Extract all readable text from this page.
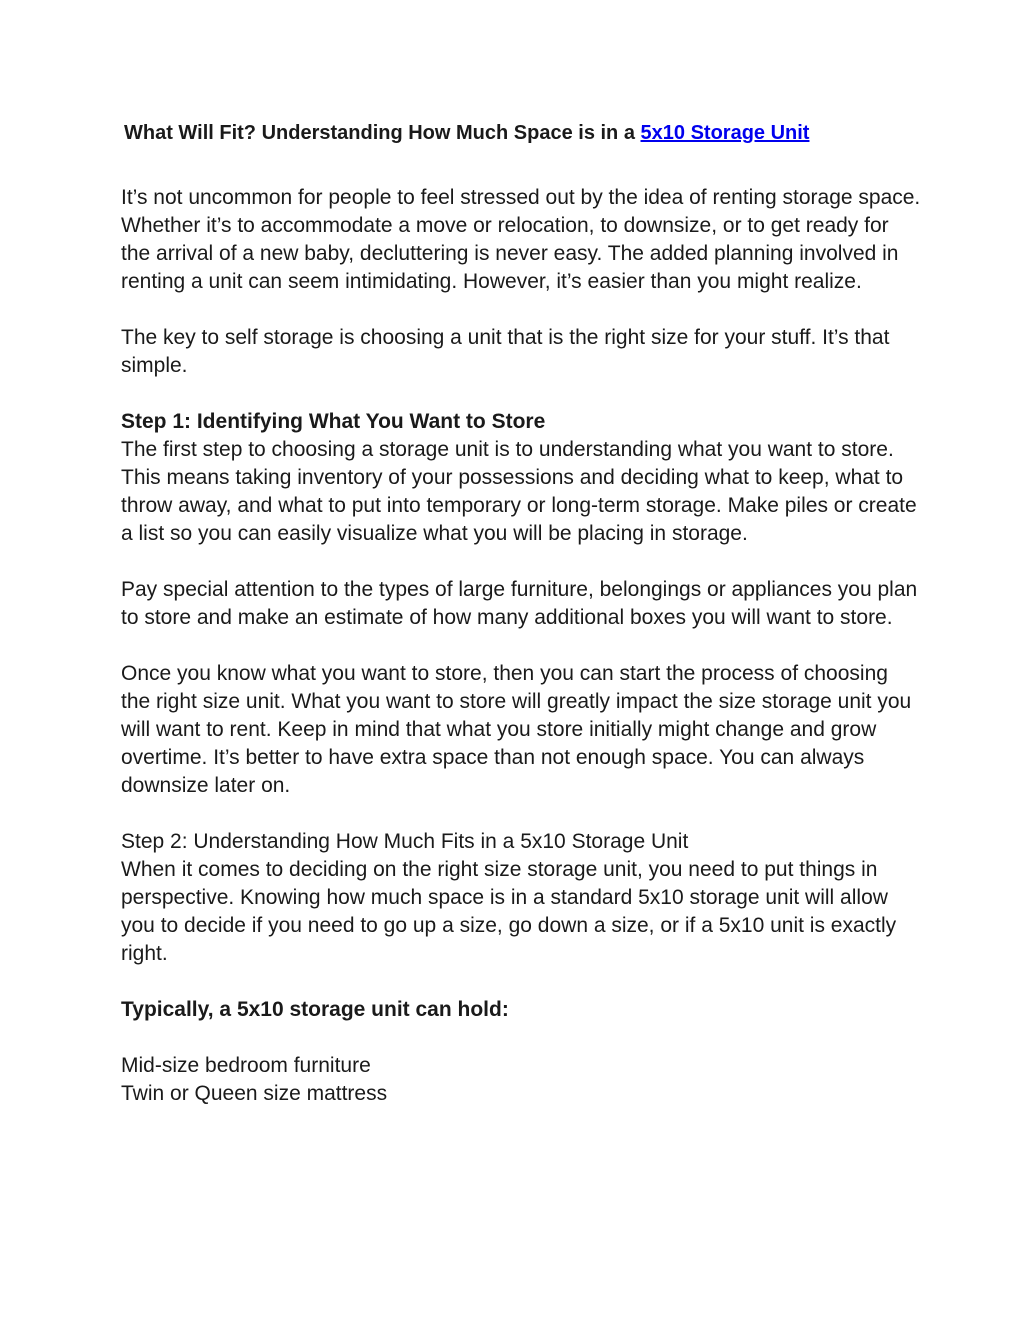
What Will Fit? Understanding How Much Space is in a 5x10 Storage Unit

It’s not uncommon for people to feel stressed out by the idea of renting storage space. Whether it’s to accommodate a move or relocation, to downsize, or to get ready for the arrival of a new baby, decluttering is never easy. The added planning involved in renting a unit can seem intimidating. However, it’s easier than you might realize.

The key to self storage is choosing a unit that is the right size for your stuff. It’s that simple.

Step 1: Identifying What You Want to Store
The first step to choosing a storage unit is to understanding what you want to store. This means taking inventory of your possessions and deciding what to keep, what to throw away, and what to put into temporary or long-term storage. Make piles or create a list so you can easily visualize what you will be placing in storage.

Pay special attention to the types of large furniture, belongings or appliances you plan to store and make an estimate of how many additional boxes you will want to store.

Once you know what you want to store, then you can start the process of choosing the right size unit. What you want to store will greatly impact the size storage unit you will want to rent. Keep in mind that what you store initially might change and grow overtime. It’s better to have extra space than not enough space. You can always downsize later on.

Step 2: Understanding How Much Fits in a 5x10 Storage Unit
When it comes to deciding on the right size storage unit, you need to put things in perspective. Knowing how much space is in a standard 5x10 storage unit will allow you to decide if you need to go up a size, go down a size, or if a 5x10 unit is exactly right.

Typically, a 5x10 storage unit can hold:

Mid-size bedroom furniture
Twin or Queen size mattress
